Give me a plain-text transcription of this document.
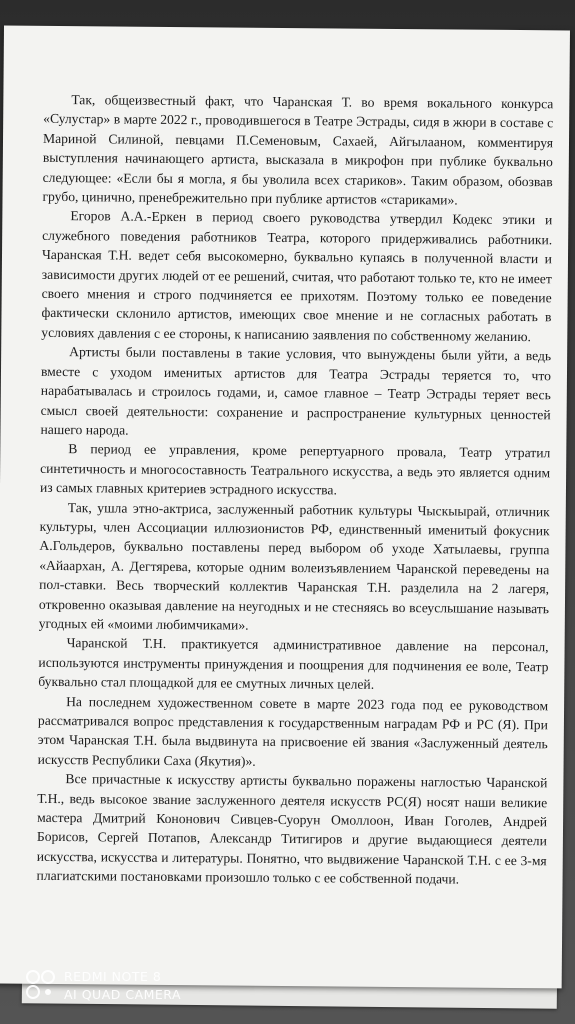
Так, общеизвестный факт, что Чаранская Т. во время вокального конкурса «Сулустар» в марте 2022 г., проводившегося в Театре Эстрады, сидя в жюри в составе с Мариной Силиной, певцами П.Семеновым, Сахаей, Айгылааном, комментируя выступления начинающего артиста, высказала в микрофон при публике буквально следующее: «Если бы я могла, я бы уволила всех стариков». Таким образом, обозвав грубо, цинично, пренебрежительно при публике артистов «стариками».

Егоров А.А.-Еркен в период своего руководства утвердил Кодекс этики и служебного поведения работников Театра, которого придерживались работники. Чаранская Т.Н. ведет себя высокомерно, буквально купаясь в полученной власти и зависимости других людей от ее решений, считая, что работают только те, кто не имеет своего мнения и строго подчиняется ее прихотям. Поэтому только ее поведение фактически склонило артистов, имеющих свое мнение и не согласных работать в условиях давления с ее стороны, к написанию заявления по собственному желанию.

Артисты были поставлены в такие условия, что вынуждены были уйти, а ведь вместе с уходом именитых артистов для Театра Эстрады теряется то, что нарабатывалась и строилось годами, и, самое главное – Театр Эстрады теряет весь смысл своей деятельности: сохранение и распространение культурных ценностей нашего народа.

В период ее управления, кроме репертуарного провала, Театр утратил синтетичность и многосоставность Театрального искусства, а ведь это является одним из самых главных критериев эстрадного искусства.

Так, ушла этно-актриса, заслуженный работник культуры Чыскыырай, отличник культуры, член Ассоциации иллюзионистов РФ, единственный именитый фокусник А.Гольдеров, буквально поставлены перед выбором об уходе Хатылаевы, группа «Айаархан, А. Дегтярева, которые одним волеизъявлением Чаранской переведены на пол-ставки. Весь творческий коллектив Чаранская Т.Н. разделила на 2 лагеря, откровенно оказывая давление на неугодных и не стесняясь во всеуслышание называть угодных ей «моими любимчиками».

Чаранской Т.Н. практикуется административное давление на персонал, используются инструменты принуждения и поощрения для подчинения ее воле, Театр буквально стал площадкой для ее смутных личных целей.

На последнем художественном совете в марте 2023 года под ее руководством рассматривался вопрос представления к государственным наградам РФ и РС (Я). При этом Чаранская Т.Н. была выдвинута на присвоение ей звания «Заслуженный деятель искусств Республики Саха (Якутия)».

Все причастные к искусству артисты буквально поражены наглостью Чаранской Т.Н., ведь высокое звание заслуженного деятеля искусств РС(Я) носят наши великие мастера Дмитрий Кононович Сивцев-Суорун Омоллоон, Иван Гоголев, Андрей Борисов, Сергей Потапов, Александр Титигиров и другие выдающиеся деятели искусства, искусства и литературы. Понятно, что выдвижение Чаранской Т.Н. с ее 3-мя плагиатскими постановками произошло только с ее собственной подачи.

REDMI NOTE 8
AI QUAD CAMERA
